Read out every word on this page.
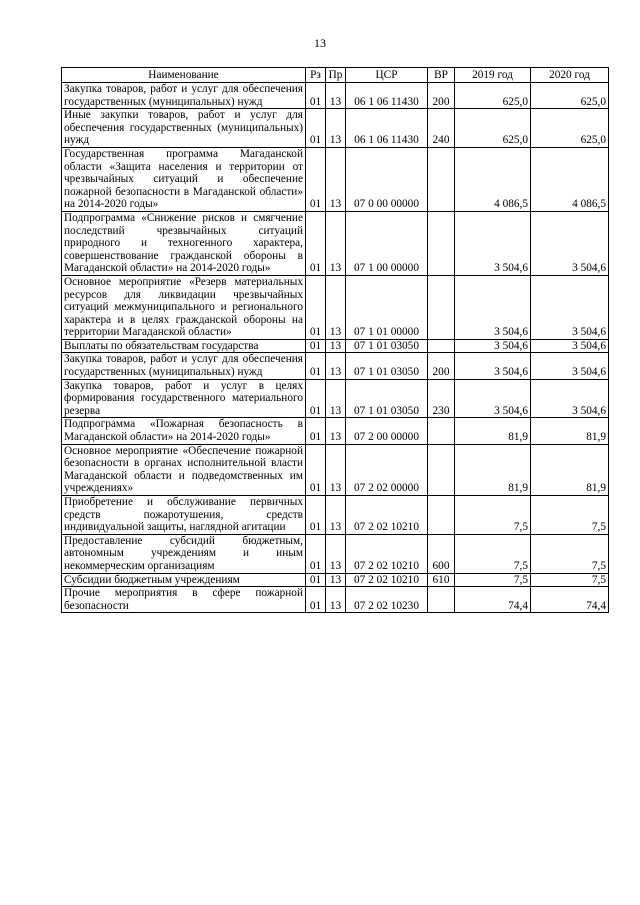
13
Наименование	Рз	Пр	ЦСР	ВР	2019 год	2020 год
Закупка товаров, работ и услуг для обеспечения государственных (муниципальных) нужд	01	13	06 1 06 11430	200	625,0	625,0
Иные закупки товаров, работ и услуг для обеспечения государственных (муниципальных) нужд	01	13	06 1 06 11430	240	625,0	625,0
Государственная программа Магаданской области «Защита населения и территории от чрезвычайных ситуаций и обеспечение пожарной безопасности в Магаданской области» на 2014-2020 годы»	01	13	07 0 00 00000		4 086,5	4 086,5
Подпрограмма «Снижение рисков и смягчение последствий чрезвычайных ситуаций природного и техногенного характера, совершенствование гражданской обороны в Магаданской области» на 2014-2020 годы»	01	13	07 1 00 00000		3 504,6	3 504,6
Основное мероприятие «Резерв материальных ресурсов для ликвидации чрезвычайных ситуаций межмуниципального и регионального характера и в целях гражданской обороны на территории Магаданской области»	01	13	07 1 01 00000		3 504,6	3 504,6
Выплаты по обязательствам государства	01	13	07 1 01 03050		3 504,6	3 504,6
Закупка товаров, работ и услуг для обеспечения государственных (муниципальных) нужд	01	13	07 1 01 03050	200	3 504,6	3 504,6
Закупка товаров, работ и услуг в целях формирования государственного материального резерва	01	13	07 1 01 03050	230	3 504,6	3 504,6
Подпрограмма «Пожарная безопасность в Магаданской области» на 2014-2020 годы»	01	13	07 2 00 00000		81,9	81,9
Основное мероприятие «Обеспечение пожарной безопасности в органах исполнительной власти Магаданской области и подведомственных им учреждениях»	01	13	07 2 02 00000		81,9	81,9
Приобретение и обслуживание первичных средств пожаротушения, средств индивидуальной защиты, наглядной агитации	01	13	07 2 02 10210		7,5	7,5
Предоставление субсидий бюджетным, автономным учреждениям и иным некоммерческим организациям	01	13	07 2 02 10210	600	7,5	7,5
Субсидии бюджетным учреждениям	01	13	07 2 02 10210	610	7,5	7,5
Прочие мероприятия в сфере пожарной безопасности	01	13	07 2 02 10230		74,4	74,4
